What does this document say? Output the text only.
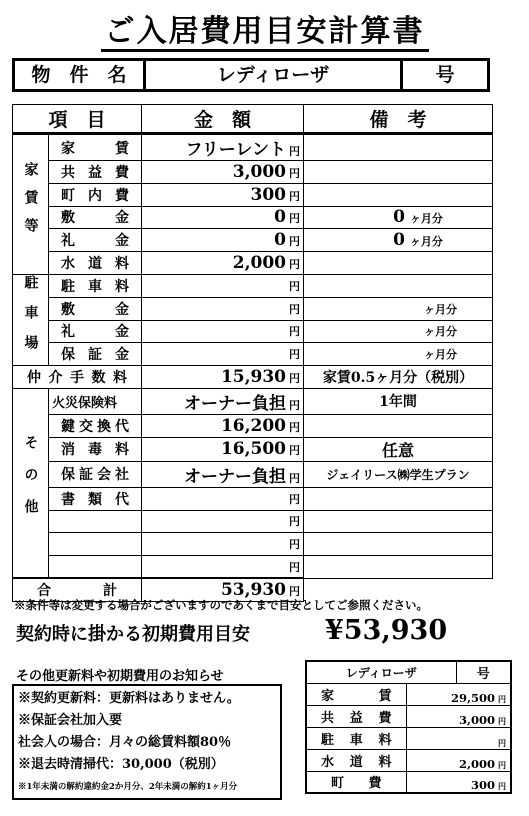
ご入居費用目安計算書
物　件　名	レディローザ	号
項　目		金　額	備　考
家賃等	家賃	フリーレント 円	
	共益費	3,000 円	
	町内費	300 円	
	敷金	0 円	0 ヶ月分
	礼金	0 円	0 ヶ月分
	水道料	2,000 円	
駐車場	駐車料	円	
	敷金	円	ヶ月分
	礼金	円	ヶ月分
	保証金	円	ヶ月分
仲介手数料		15,930 円	家賃0.5ヶ月分（税別）
その他	火災保険料	オーナー負担 円	1年間
	鍵交換代	16,200 円	
	消毒料	16,500 円	任意
	保証会社	オーナー負担 円	ジェイリース㈱学生プラン
	書類代	円	
		円	
		円	
		円	
合　　計		53,930 円	
※条件等は変更する場合がございますのであくまで目安としてご参照ください。
契約時に掛かる初期費用目安	¥53,930
その他更新料や初期費用のお知らせ
※契約更新料：更新料はありません。
※保証会社加入要
社会人の場合：月々の総賃料額80％
※退去時清掃代：30,000（税別）
※1年未満の解約違約金2か月分、2年未満の解約1ヶ月分
レディローザ		号
家賃	29,500 円	
共益費	3,000 円	
駐車料	円	
水道料	2,000 円	
町費	300 円	
